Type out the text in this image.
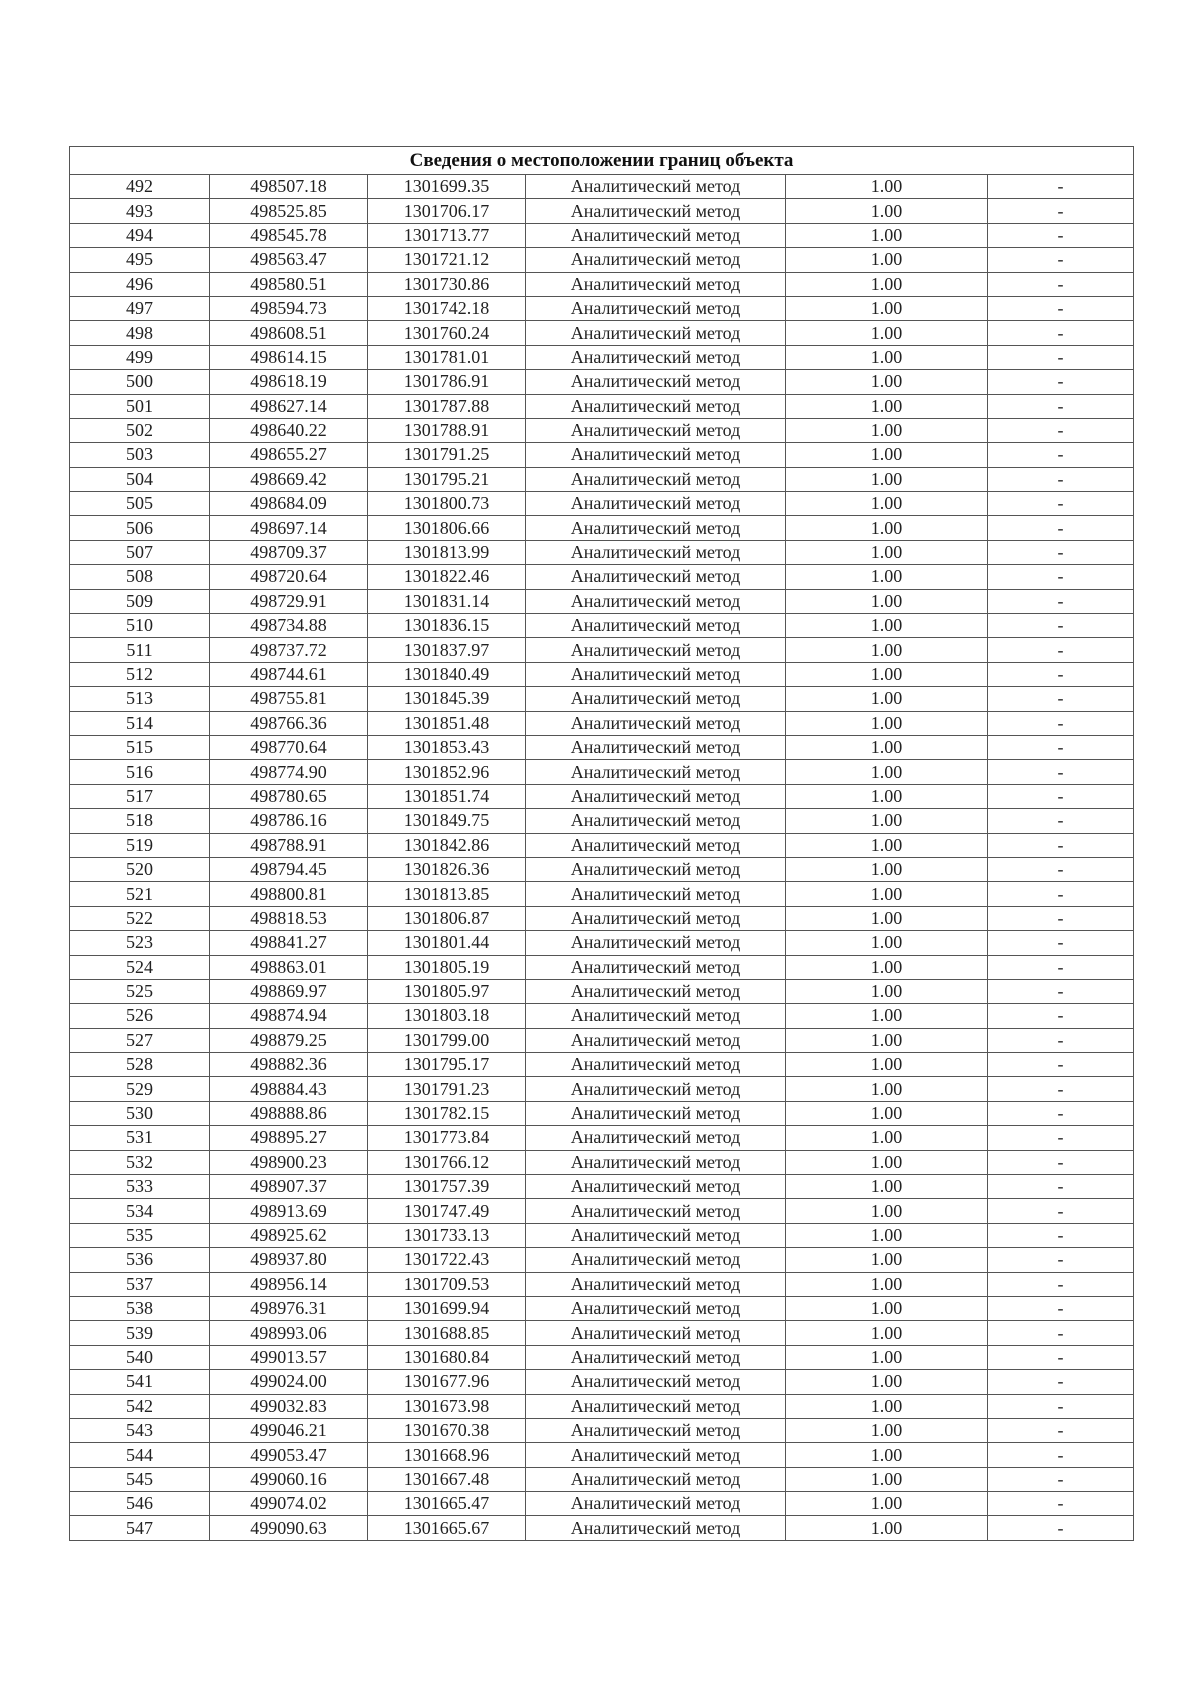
Сведения о местоположении границ объекта					
492	498507.18	1301699.35	Аналитический метод	1.00	-
493	498525.85	1301706.17	Аналитический метод	1.00	-
494	498545.78	1301713.77	Аналитический метод	1.00	-
495	498563.47	1301721.12	Аналитический метод	1.00	-
496	498580.51	1301730.86	Аналитический метод	1.00	-
497	498594.73	1301742.18	Аналитический метод	1.00	-
498	498608.51	1301760.24	Аналитический метод	1.00	-
499	498614.15	1301781.01	Аналитический метод	1.00	-
500	498618.19	1301786.91	Аналитический метод	1.00	-
501	498627.14	1301787.88	Аналитический метод	1.00	-
502	498640.22	1301788.91	Аналитический метод	1.00	-
503	498655.27	1301791.25	Аналитический метод	1.00	-
504	498669.42	1301795.21	Аналитический метод	1.00	-
505	498684.09	1301800.73	Аналитический метод	1.00	-
506	498697.14	1301806.66	Аналитический метод	1.00	-
507	498709.37	1301813.99	Аналитический метод	1.00	-
508	498720.64	1301822.46	Аналитический метод	1.00	-
509	498729.91	1301831.14	Аналитический метод	1.00	-
510	498734.88	1301836.15	Аналитический метод	1.00	-
511	498737.72	1301837.97	Аналитический метод	1.00	-
512	498744.61	1301840.49	Аналитический метод	1.00	-
513	498755.81	1301845.39	Аналитический метод	1.00	-
514	498766.36	1301851.48	Аналитический метод	1.00	-
515	498770.64	1301853.43	Аналитический метод	1.00	-
516	498774.90	1301852.96	Аналитический метод	1.00	-
517	498780.65	1301851.74	Аналитический метод	1.00	-
518	498786.16	1301849.75	Аналитический метод	1.00	-
519	498788.91	1301842.86	Аналитический метод	1.00	-
520	498794.45	1301826.36	Аналитический метод	1.00	-
521	498800.81	1301813.85	Аналитический метод	1.00	-
522	498818.53	1301806.87	Аналитический метод	1.00	-
523	498841.27	1301801.44	Аналитический метод	1.00	-
524	498863.01	1301805.19	Аналитический метод	1.00	-
525	498869.97	1301805.97	Аналитический метод	1.00	-
526	498874.94	1301803.18	Аналитический метод	1.00	-
527	498879.25	1301799.00	Аналитический метод	1.00	-
528	498882.36	1301795.17	Аналитический метод	1.00	-
529	498884.43	1301791.23	Аналитический метод	1.00	-
530	498888.86	1301782.15	Аналитический метод	1.00	-
531	498895.27	1301773.84	Аналитический метод	1.00	-
532	498900.23	1301766.12	Аналитический метод	1.00	-
533	498907.37	1301757.39	Аналитический метод	1.00	-
534	498913.69	1301747.49	Аналитический метод	1.00	-
535	498925.62	1301733.13	Аналитический метод	1.00	-
536	498937.80	1301722.43	Аналитический метод	1.00	-
537	498956.14	1301709.53	Аналитический метод	1.00	-
538	498976.31	1301699.94	Аналитический метод	1.00	-
539	498993.06	1301688.85	Аналитический метод	1.00	-
540	499013.57	1301680.84	Аналитический метод	1.00	-
541	499024.00	1301677.96	Аналитический метод	1.00	-
542	499032.83	1301673.98	Аналитический метод	1.00	-
543	499046.21	1301670.38	Аналитический метод	1.00	-
544	499053.47	1301668.96	Аналитический метод	1.00	-
545	499060.16	1301667.48	Аналитический метод	1.00	-
546	499074.02	1301665.47	Аналитический метод	1.00	-
547	499090.63	1301665.67	Аналитический метод	1.00	-
